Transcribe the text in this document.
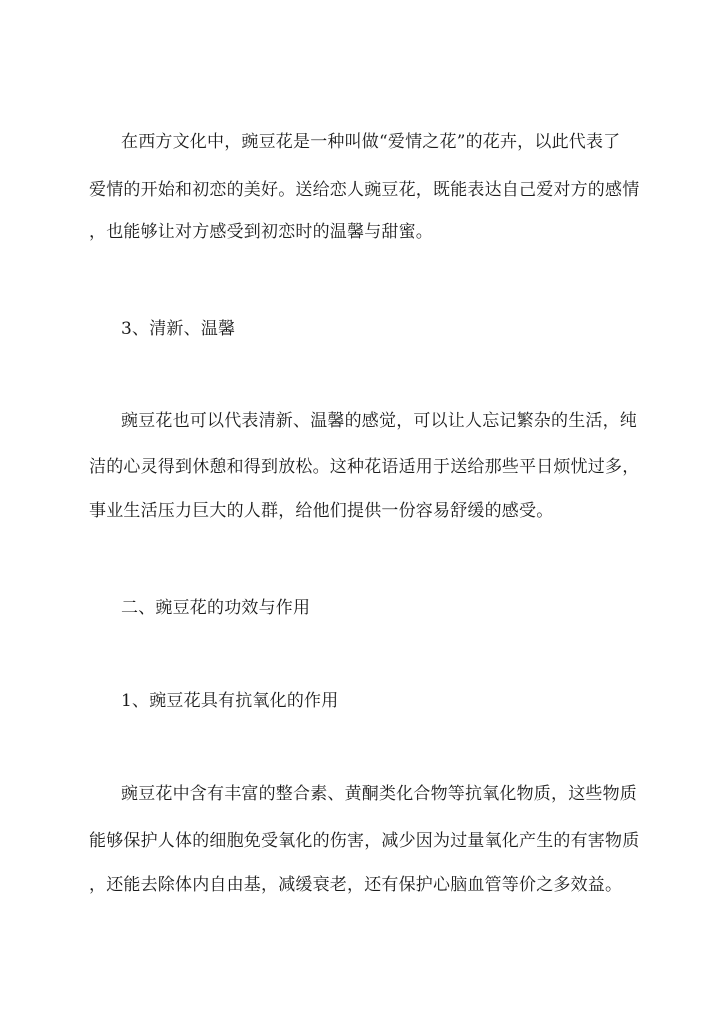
在西方文化中，豌豆花是一种叫做“爱情之花”的花卉，以此代表了
爱情的开始和初恋的美好。送给恋人豌豆花，既能表达自己爱对方的感情
，也能够让对方感受到初恋时的温馨与甜蜜。
3、清新、温馨
豌豆花也可以代表清新、温馨的感觉，可以让人忘记繁杂的生活，纯
洁的心灵得到休憩和得到放松。这种花语适用于送给那些平日烦忧过多，
事业生活压力巨大的人群，给他们提供一份容易舒缓的感受。
二、豌豆花的功效与作用
1、豌豆花具有抗氧化的作用
豌豆花中含有丰富的整合素、黄酮类化合物等抗氧化物质，这些物质
能够保护人体的细胞免受氧化的伤害，减少因为过量氧化产生的有害物质
，还能去除体内自由基，减缓衰老，还有保护心脑血管等价之多效益。
